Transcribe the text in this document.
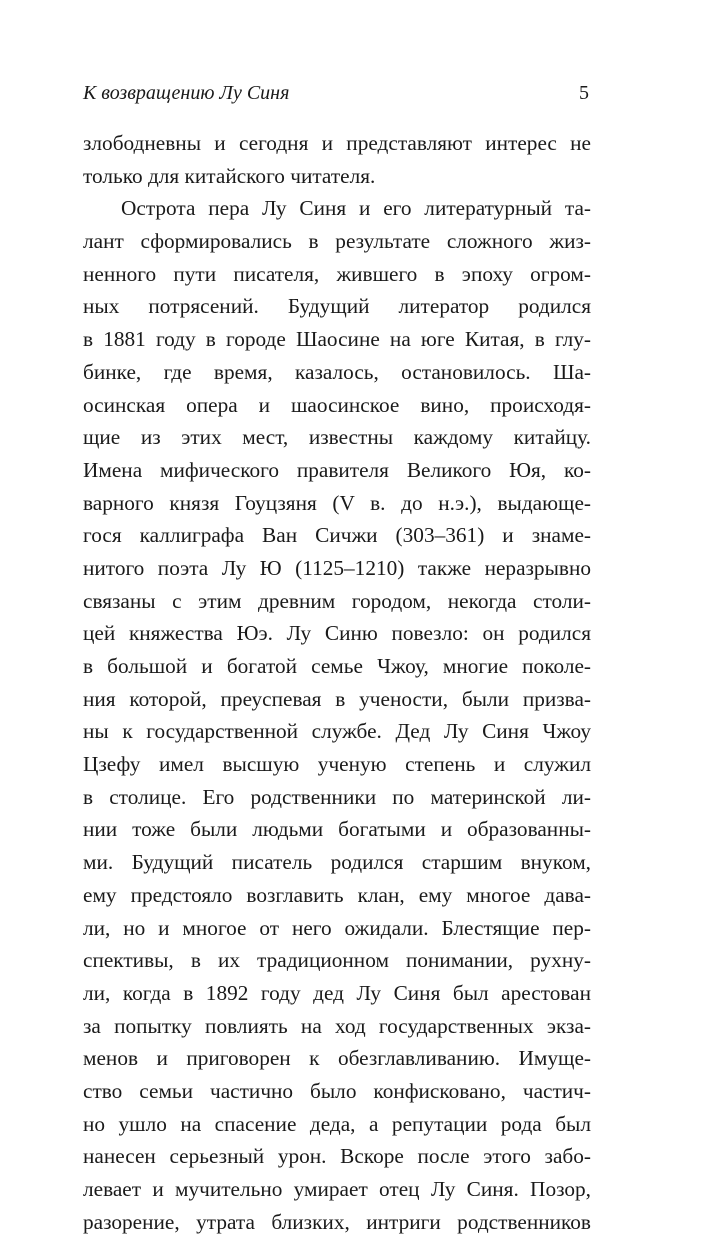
К возвращению Лу Синя	5
злободневны и сегодня и представляют интерес не
только для китайского читателя.
Острота пера Лу Синя и его литературный та-
лант сформировались в результате сложного жиз-
ненного пути писателя, жившего в эпоху огром-
ных потрясений. Будущий литератор родился
в 1881 году в городе Шаосине на юге Китая, в глу-
бинке, где время, казалось, остановилось. Ша-
осинская опера и шаосинское вино, происходя-
щие из этих мест, известны каждому китайцу.
Имена мифического правителя Великого Юя, ко-
варного князя Гоуцзяня (V в. до н.э.), выдающе-
гося каллиграфа Ван Сичжи (303–361) и знаме-
нитого поэта Лу Ю (1125–1210) также неразрывно
связаны с этим древним городом, некогда столи-
цей княжества Юэ. Лу Синю повезло: он родился
в большой и богатой семье Чжоу, многие поколе-
ния которой, преуспевая в учености, были призва-
ны к государственной службе. Дед Лу Синя Чжоу
Цзефу имел высшую ученую степень и служил
в столице. Его родственники по материнской ли-
нии тоже были людьми богатыми и образованны-
ми. Будущий писатель родился старшим внуком,
ему предстояло возглавить клан, ему многое дава-
ли, но и многое от него ожидали. Блестящие пер-
спективы, в их традиционном понимании, рухну-
ли, когда в 1892 году дед Лу Синя был арестован
за попытку повлиять на ход государственных экза-
менов и приговорен к обезглавливанию. Имуще-
ство семьи частично было конфисковано, частич-
но ушло на спасение деда, а репутации рода был
нанесен серьезный урон. Вскоре после этого забо-
левает и мучительно умирает отец Лу Синя. Позор,
разорение, утрата близких, интриги родственников
